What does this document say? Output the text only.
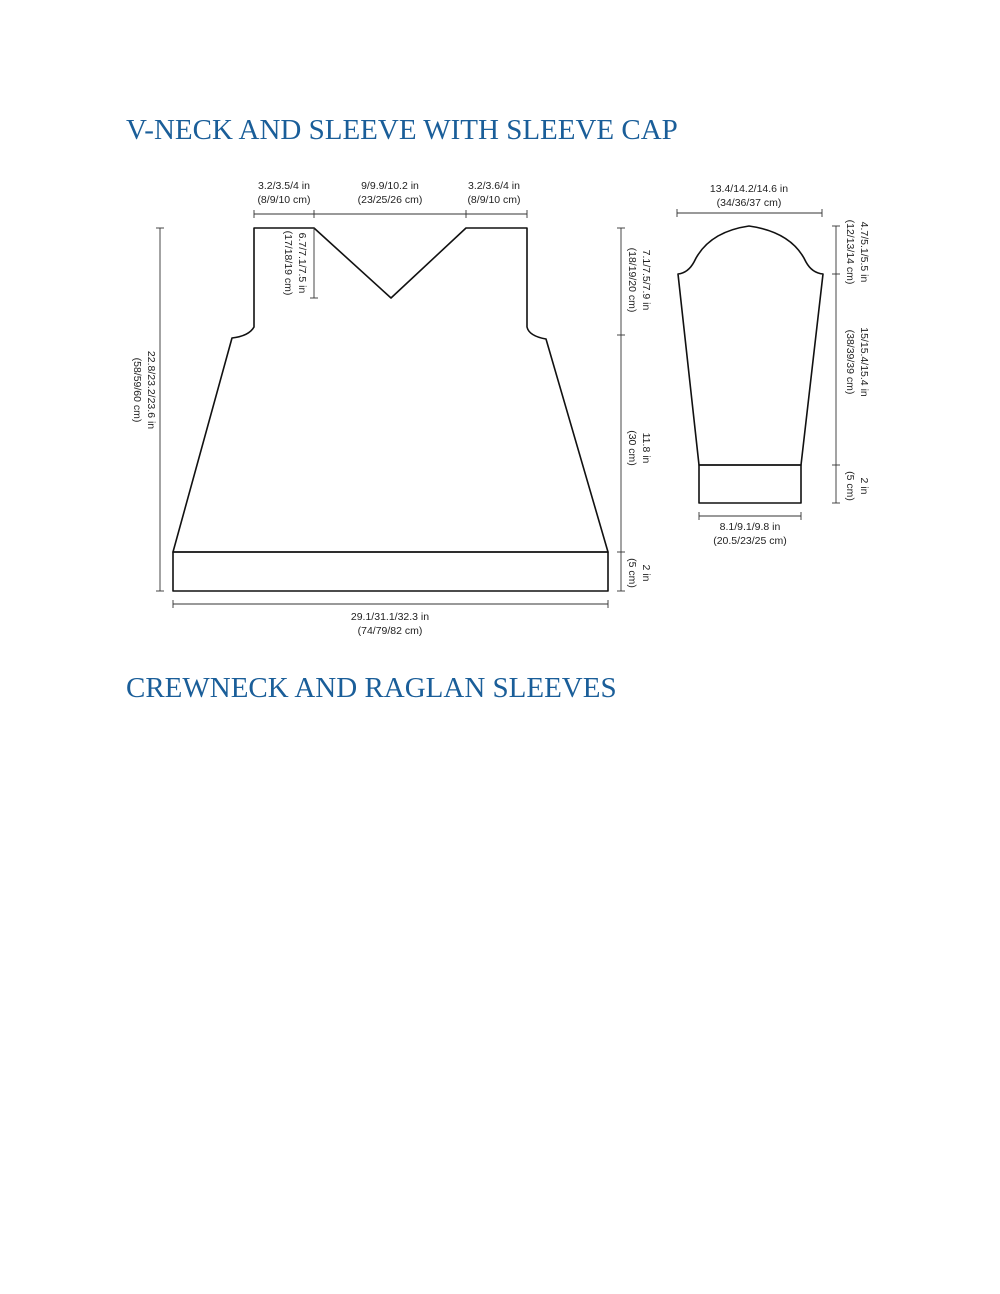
V-NECK AND SLEEVE WITH SLEEVE CAP
CREWNECK AND RAGLAN SLEEVES
3.2/3.5/4 in
(8/9/10 cm)
9/9.9/10.2 in
(23/25/26 cm)
3.2/3.6/4 in
(8/9/10 cm)
6.7/7.1/7.5 in
(17/18/19 cm)
22.8/23.2/23.6 in
(58/59/60 cm)
7.1/7.5/7.9 in
(18/19/20 cm)
11.8 in
(30 cm)
2 in
(5 cm)
29.1/31.1/32.3 in
(74/79/82 cm)
13.4/14.2/14.6 in
(34/36/37 cm)
4.7/5.1/5.5 in
(12/13/14 cm)
15/15.4/15.4 in
(38/39/39 cm)
2 in
(5 cm)
8.1/9.1/9.8 in
(20.5/23/25 cm)
